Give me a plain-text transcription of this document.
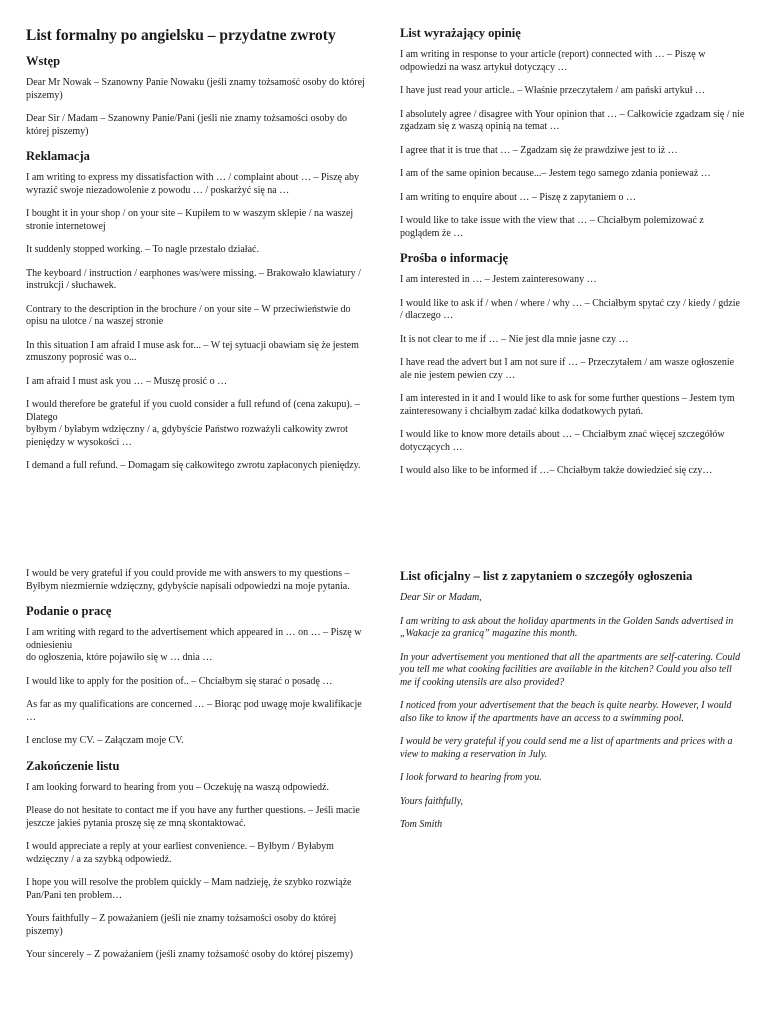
List formalny po angielsku – przydatne zwroty
Wstęp

Dear Mr Nowak – Szanowny Panie Nowaku (jeśli znamy tożsamość osoby do której piszemy)

Dear Sir / Madam – Szanowny Panie/Pani (jeśli nie znamy tożsamości osoby do której piszemy)

Reklamacja

I am writing to express my dissatisfaction with … / complaint about … – Piszę aby wyrazić swoje niezadowolenie z powodu … / poskarżyć się na …

I bought it in your shop / on your site – Kupiłem to w waszym sklepie / na waszej stronie internetowej

It suddenly stopped working. – To nagle przestało działać.

The keyboard / instruction / earphones was/were missing. – Brakowało klawiatury / instrukcji / słuchawek.

Contrary to the description in the brochure / on your site – W przeciwieństwie do opisu na ulotce / na waszej stronie

In this situation I am afraid I muse ask for... – W tej sytuacji obawiam się że jestem zmuszony poprosić was o...

I am afraid I must ask you … – Muszę prosić o …

I would therefore be grateful if you cuold consider a full refund of (cena zakupu). – Dlatego
byłbym / byłabym wdzięczny / a, gdybyście Państwo rozważyli całkowity zwrot pieniędzy w wysokości …

I demand a full refund. – Domagam się całkowitego zwrotu zapłaconych pieniędzy.

List wyrażający opinię

I am writing in response to your article (report) connected with … – Piszę w odpowiedzi na wasz artykuł dotyczący …

I have just read your article.. – Właśnie przeczytałem / am pański artykuł …

I absolutely agree / disagree with Your opinion that … – Całkowicie zgadzam się / nie zgadzam się z waszą opinią na temat …

I agree that it is true that … – Zgadzam się że prawdziwe jest to iż …

I am of the same opinion because...– Jestem tego samego zdania ponieważ …

I am writing to enquire about … – Piszę z zapytaniem o …

I would like to take issue with the view that … – Chciałbym polemizować z poglądem że …

Prośba o informację

I am interested in … – Jestem zainteresowany …

I would like to ask if / when / where / why … – Chciałbym spytać czy / kiedy / gdzie / dlaczego …

It is not clear to me if … – Nie jest dla mnie jasne czy …

I have read the advert but I am not sure if … – Przeczytałem / am wasze ogłoszenie ale nie jestem pewien czy …

I am interested in it and I would like to ask for some further questions – Jestem tym zainteresowany i chciałbym zadać kilka dodatkowych pytań.

I would like to know more details about … – Chciałbym znać więcej szczegółów dotyczących …

I would also like to be informed if …– Chciałbym także dowiedzieć się czy…

I would be very grateful if you could provide me with answers to my questions – Byłbym niezmiernie wdzięczny, gdybyście napisali odpowiedzi na moje pytania.

Podanie o pracę

I am writing with regard to the advertisement which appeared in … on … – Piszę w odniesieniu
do ogłoszenia, które pojawiło się w … dnia …

I would like to apply for the position of.. – Chciałbym się starać o posadę …

As far as my qualifications are concerned … – Biorąc pod uwagę moje kwalifikacje …

I enclose my CV. – Załączam moje CV.

Zakończenie listu

I am looking forward to hearing from you – Oczekuję na waszą odpowiedź.

Please do not hesitate to contact me if you have any further questions. – Jeśli macie jeszcze jakieś pytania proszę się ze mną skontaktować.

I would appreciate a reply at your earliest convenience. – Byłbym / Byłabym wdzięczny / a za szybką odpowiedź.

I hope you will resolve the problem quickly – Mam nadzieję, że szybko rozwiąże Pan/Pani ten problem…

Yours faithfully – Z poważaniem (jeśli nie znamy tożsamości osoby do której piszemy)

Your sincerely – Z poważaniem (jeśli znamy tożsamość osoby do której piszemy)

List oficjalny – list z zapytaniem o szczegóły ogłoszenia

Dear Sir or Madam,

I am writing to ask about the holiday apartments in the Golden Sands advertised in „Wakacje za granicą” magazine this month.

In your advertisement you mentioned that all the apartments are self-catering. Could you tell me what cooking facilities are available in the kitchen? Could you also tell me if cooking utensils are also provided?

I noticed from your advertisement that the beach is quite nearby. However, I would also like to know if the apartments have an access to a swimming pool.

I would be very grateful if you could send me a list of apartments and prices with a view to making a reservation in July.

I look forward to hearing from you.

Yours faithfully,

Tom Smith
